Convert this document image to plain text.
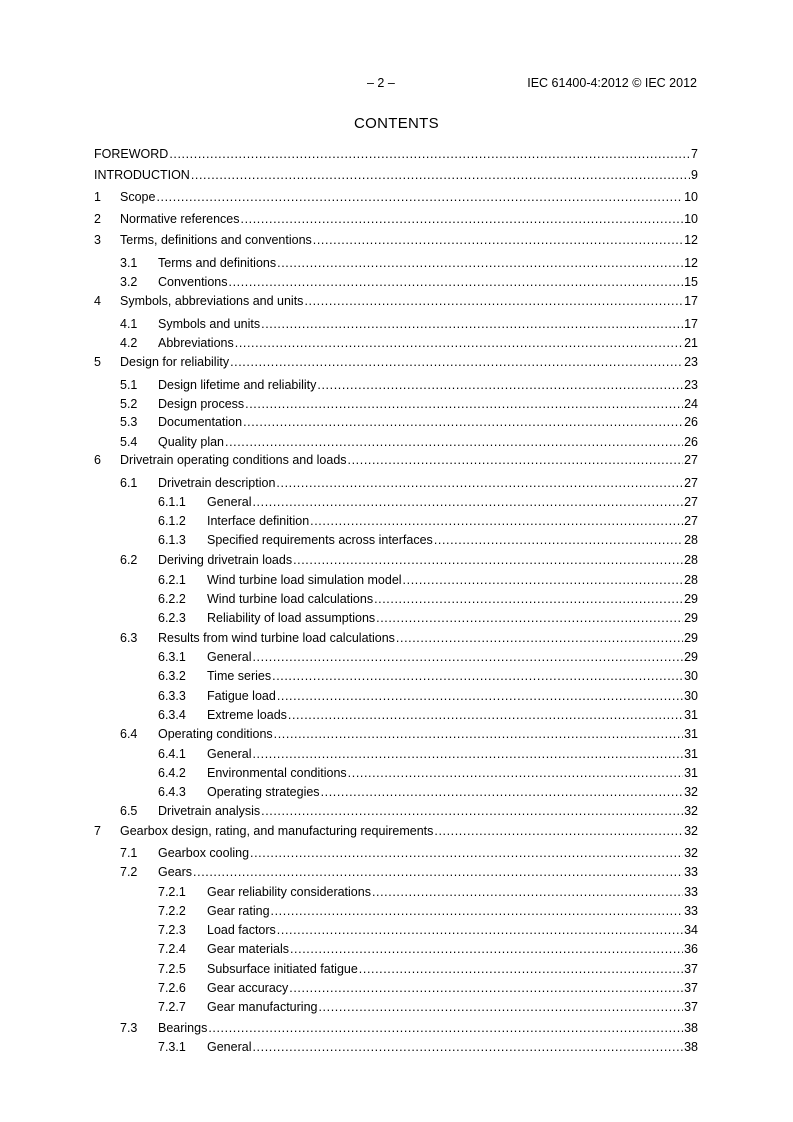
– 2 –	IEC 61400-4:2012 © IEC 2012
CONTENTS
FOREWORD .....	7
INTRODUCTION .....	9
1	Scope .....	10
2	Normative references .....	10
3	Terms, definitions and conventions .....	12
3.1	Terms and definitions .....	12
3.2	Conventions .....	15
4	Symbols, abbreviations and units .....	17
4.1	Symbols and units .....	17
4.2	Abbreviations .....	21
5	Design for reliability .....	23
5.1	Design lifetime and reliability .....	23
5.2	Design process .....	24
5.3	Documentation .....	26
5.4	Quality plan .....	26
6	Drivetrain operating conditions and loads .....	27
6.1	Drivetrain description .....	27
6.1.1	General .....	27
6.1.2	Interface definition .....	27
6.1.3	Specified requirements across interfaces .....	28
6.2	Deriving drivetrain loads .....	28
6.2.1	Wind turbine load simulation model .....	28
6.2.2	Wind turbine load calculations .....	29
6.2.3	Reliability of load assumptions .....	29
6.3	Results from wind turbine load calculations .....	29
6.3.1	General .....	29
6.3.2	Time series .....	30
6.3.3	Fatigue load .....	30
6.3.4	Extreme loads .....	31
6.4	Operating conditions .....	31
6.4.1	General .....	31
6.4.2	Environmental conditions .....	31
6.4.3	Operating strategies .....	32
6.5	Drivetrain analysis .....	32
7	Gearbox design, rating, and manufacturing requirements .....	32
7.1	Gearbox cooling .....	32
7.2	Gears .....	33
7.2.1	Gear reliability considerations .....	33
7.2.2	Gear rating .....	33
7.2.3	Load factors .....	34
7.2.4	Gear materials .....	36
7.2.5	Subsurface initiated fatigue .....	37
7.2.6	Gear accuracy .....	37
7.2.7	Gear manufacturing .....	37
7.3	Bearings .....	38
7.3.1	General .....	38
